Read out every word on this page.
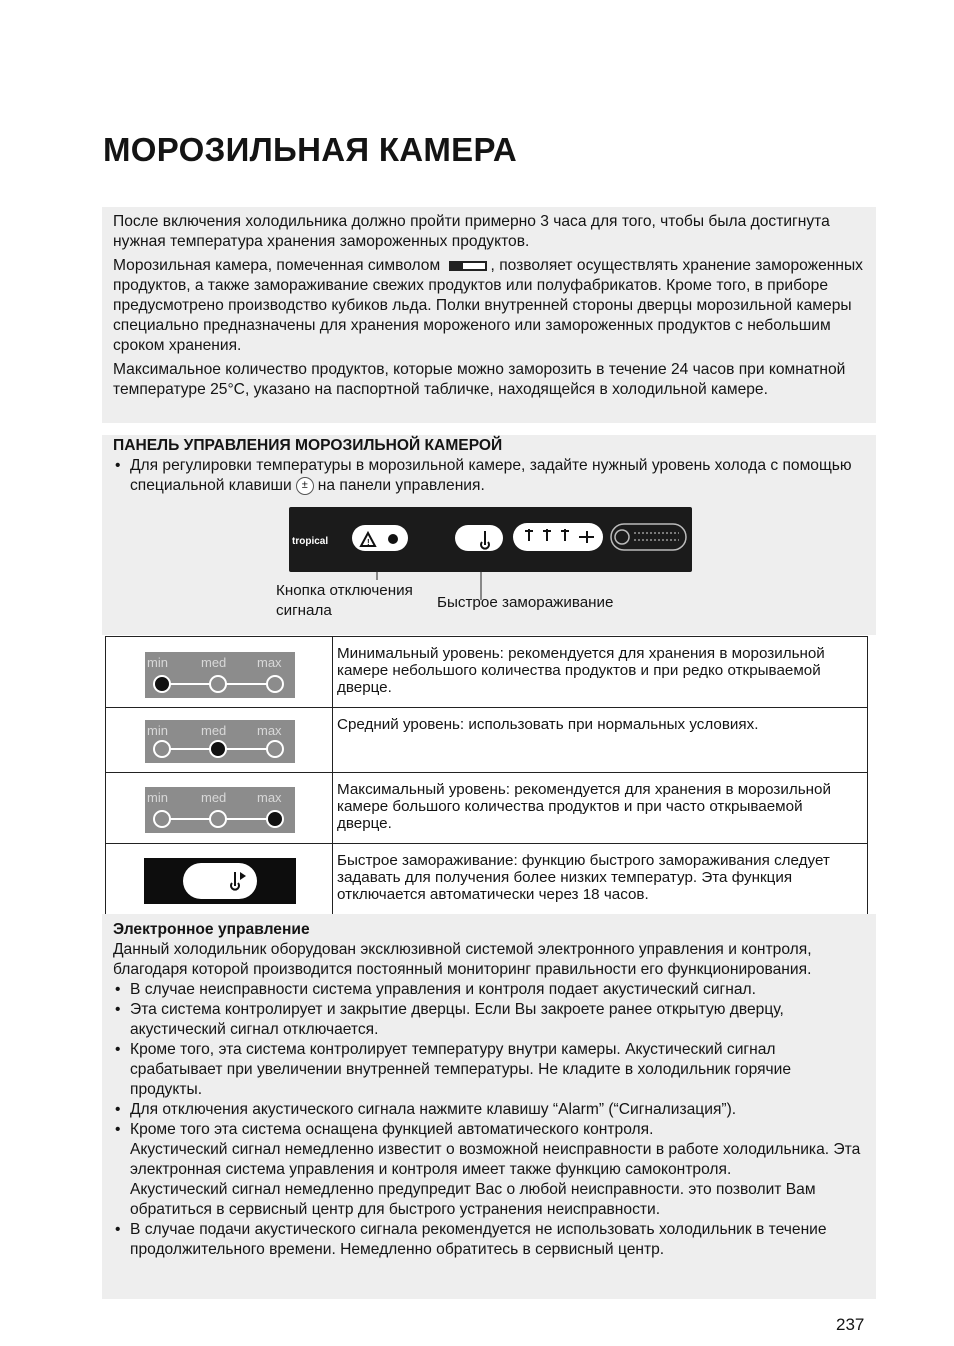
МОРОЗИЛЬНАЯ КАМЕРА

После включения холодильника должно пройти примерно 3 часа для того, чтобы была достигнута нужная температура хранения замороженных продуктов.

Морозильная камера, помеченная символом	, позволяет осуществлять хранение замороженных продуктов, а также замораживание свежих продуктов или полуфабрикатов. Кроме того, в приборе предусмотрено производство кубиков льда. Полки внутренней стороны дверцы морозильной камеры специально предназначены для хранения мороженого или замороженных продуктов с небольшим сроком хранения.

Максимальное количество продуктов, которые можно заморозить в течение 24 часов при комнатной температуре 25°С, указано на паспортной табличке, находящейся в холодильной камере.

ПАНЕЛЬ УПРАВЛЕНИЯ МОРОЗИЛЬНОЙ КАМЕРОЙ

• Для регулировки температуры в морозильной камере, задайте нужный уровень холода с помощью специальной клавиши ± на панели управления.

tropical	!
Кнопка отключения сигнала	Быстрое замораживание
min med max	Минимальный уровень: рекомендуется для хранения в морозильной камере небольшого количества продуктов и при редко открываемой дверце.

min med max	Средний уровень: использовать при нормальных условиях.

min med max	Максимальный уровень: рекомендуется для хранения в морозильной камере большого количества продуктов и при часто открываемой дверце.

	Быстрое замораживание: функцию быстрого замораживания следует задавать для получения более низких температур. Эта функция отключается автоматически через 18 часов.

Электронное управление

Данный холодильник оборудован эксклюзивной системой электронного управления и контроля, благодаря которой производится постоянный мониторинг правильности его функционирования.

• В случае неисправности система управления и контроля подает акустический сигнал.

• Эта система контролирует и закрытие дверцы. Если Вы закроете ранее открытую дверцу, акустический сигнал отключается.

• Кроме того, эта система контролирует температуру внутри камеры. Акустический сигнал срабатывает при увеличении внутренней температуры. Не кладите в холодильник горячие продукты.

• Для отключения акустического сигнала нажмите клавишу “Alarm” (“Сигнализация”).

• Кроме того эта система оснащена функцией автоматического контроля.

Акустический сигнал немедленно известит о возможной неисправности в работе холодильника. Эта электронная система управления и контроля имеет также функцию самоконтроля.

Акустический сигнал немедленно предупредит Вас о любой неисправности. это позволит Вам обратиться в сервисный центр для быстрого устранения неисправности.

• В случае подачи акустического сигнала рекомендуется не использовать холодильник в течение продолжительного времени. Немедленно обратитесь в сервисный центр.

237
